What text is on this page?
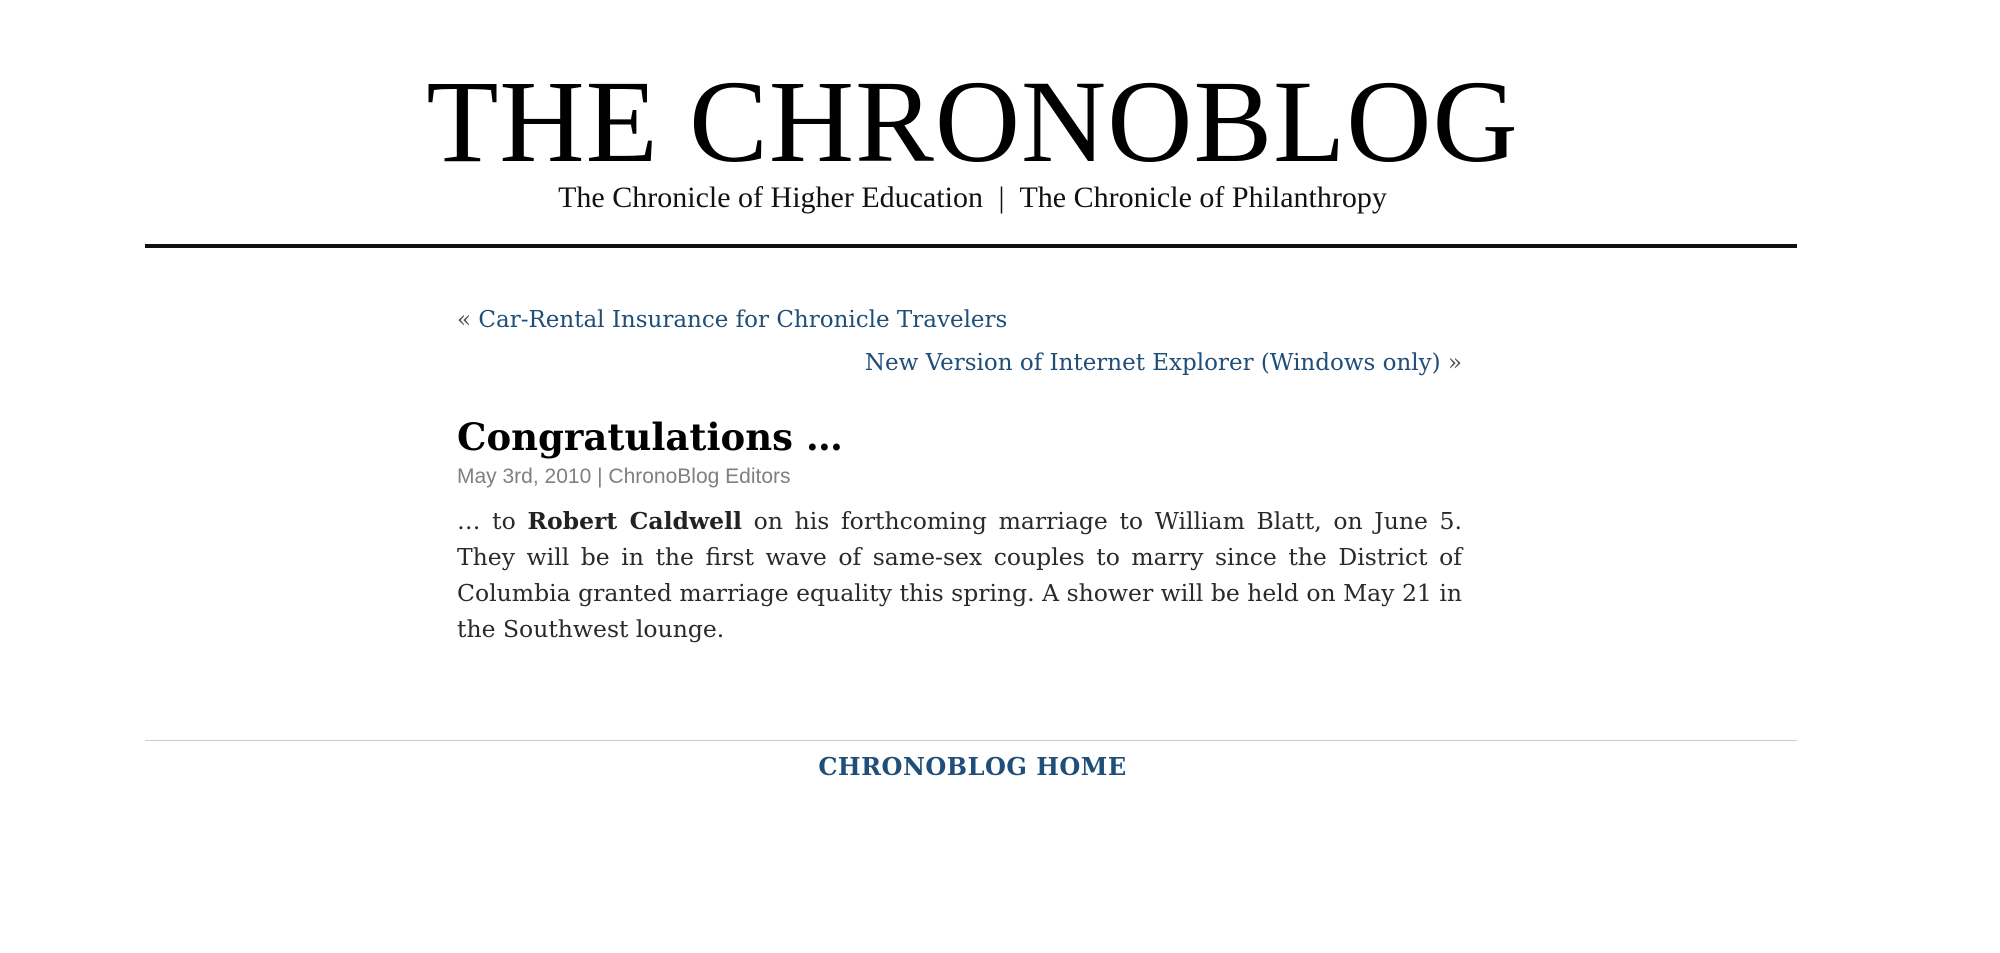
THE CHRONOBLOG
The Chronicle of Higher Education | The Chronicle of Philanthropy
« Car-Rental Insurance for Chronicle Travelers
New Version of Internet Explorer (Windows only) »
Congratulations …
May 3rd, 2010 | ChronoBlog Editors

… to Robert Caldwell on his forthcoming marriage to William Blatt, on June 5. They will be in the first wave of same-sex couples to marry since the District of Columbia granted marriage equality this spring. A shower will be held on May 21 in the Southwest lounge.

CHRONOBLOG HOME
